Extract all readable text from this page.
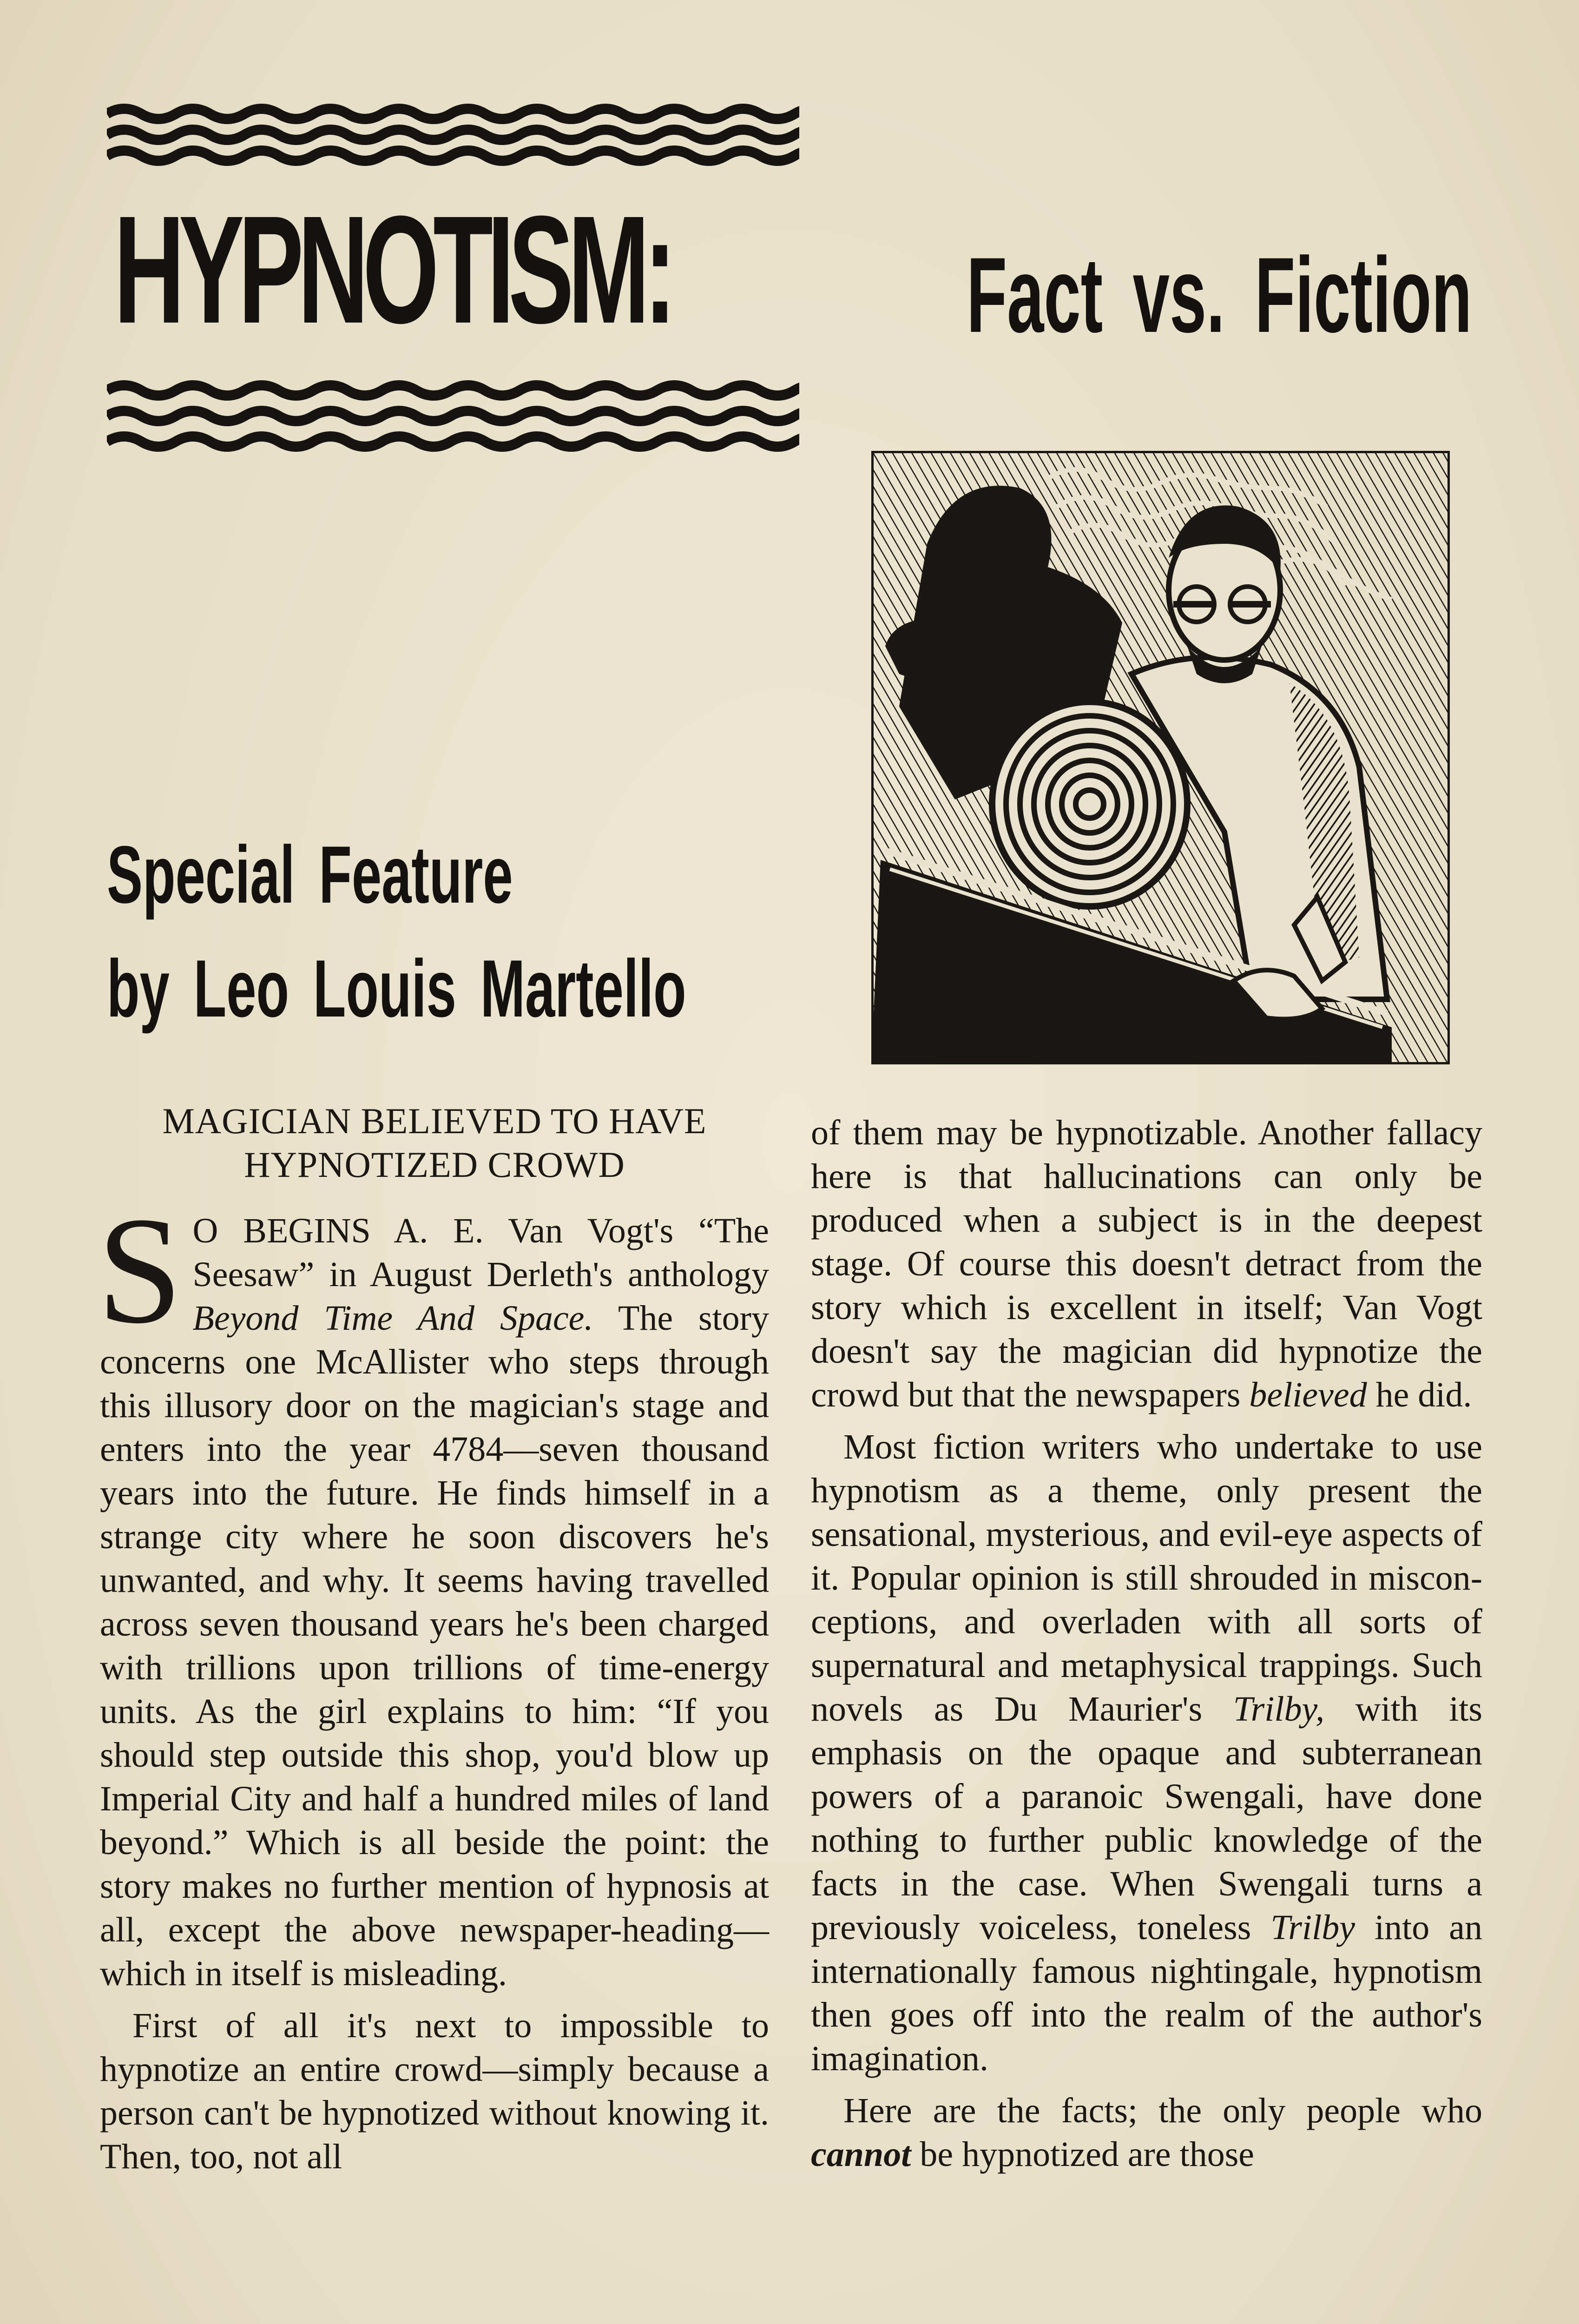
HYPNOTISM:	Fact vs. Fiction
Special Feature
by Leo Louis Martello

MAGICIAN BELIEVED TO HAVE HYPNOTIZED CROWD

S O BEGINS A. E. Van Vogt's “The Seesaw” in August Derleth's anthology Beyond Time And Space. The story concerns one McAllister who steps through this illusory door on the magician's stage and enters into the year 4784—seven thousand years into the future. He finds himself in a strange city where he soon discovers he's unwanted, and why. It seems having travelled across seven thousand years he's been charged with trillions upon trillions of time-energy units. As the girl explains to him: “If you should step outside this shop, you'd blow up Imperial City and half a hundred miles of land beyond.” Which is all beside the point: the story makes no further mention of hypnosis at all, except the above newspaper-heading—which in itself is misleading.

First of all it's next to impossible to hypnotize an entire crowd—simply because a person can't be hypnotized without knowing it. Then, too, not all

of them may be hypnotizable. Another fallacy here is that hallucinations can only be produced when a subject is in the deepest stage. Of course this doesn't detract from the story which is excellent in itself; Van Vogt doesn't say the magician did hypnotize the crowd but that the newspapers believed he did.

Most fiction writers who undertake to use hypnotism as a theme, only present the sensational, mysterious, and evil-eye aspects of it. Popular opinion is still shrouded in misconceptions, and overladen with all sorts of supernatural and metaphysical trappings. Such novels as Du Maurier's Trilby, with its emphasis on the opaque and subterranean powers of a paranoic Swengali, have done nothing to further public knowledge of the facts in the case. When Swengali turns a previously voiceless, toneless Trilby into an internationally famous nightingale, hypnotism then goes off into the realm of the author's imagination.

Here are the facts; the only people who cannot be hypnotized are those
